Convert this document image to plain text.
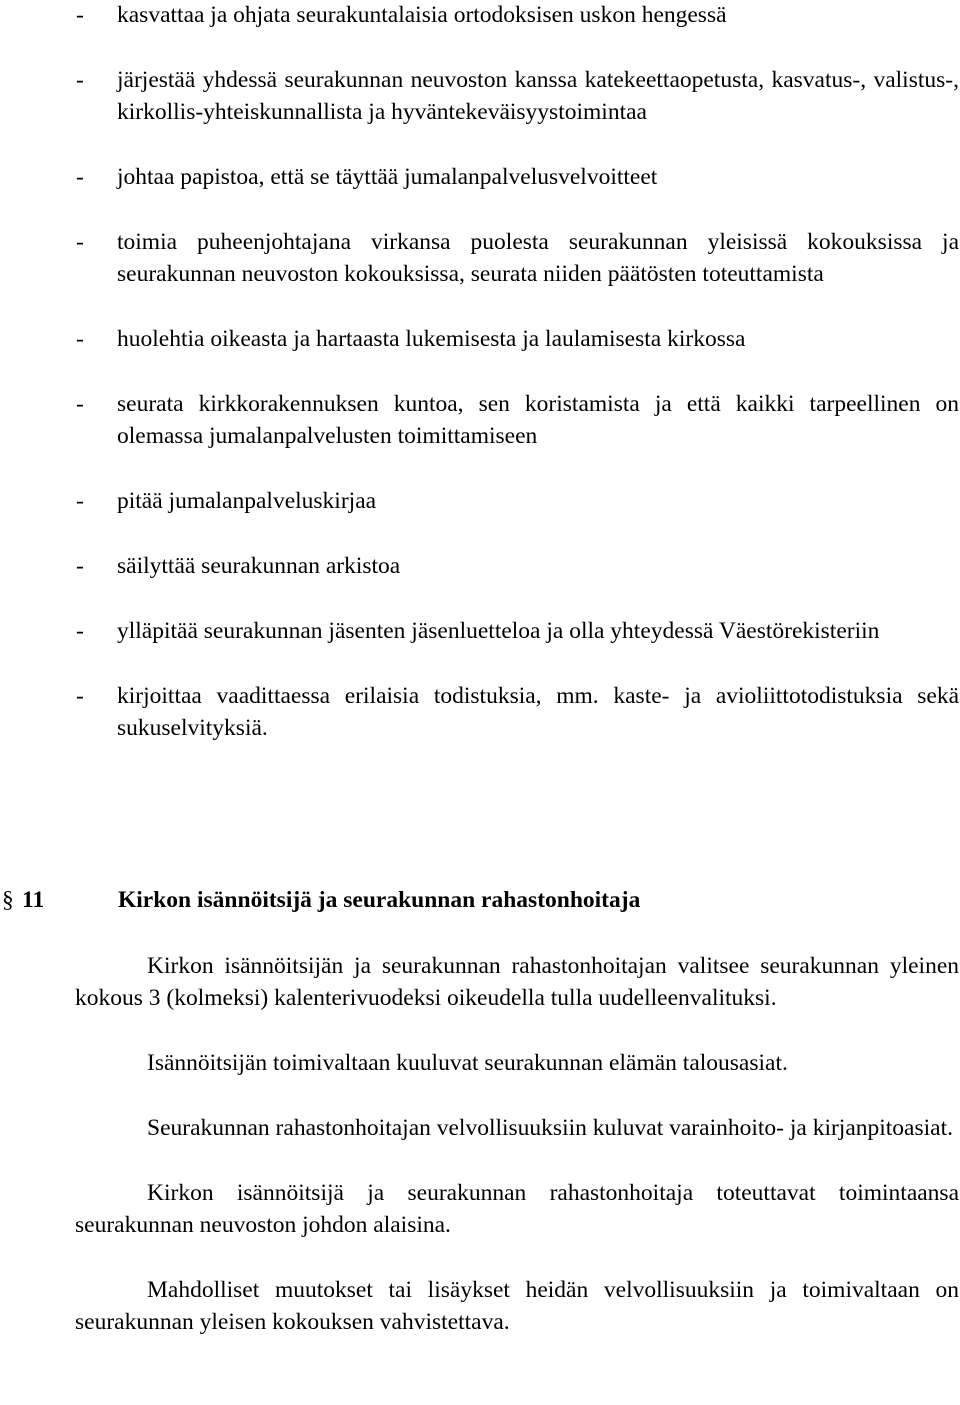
- kasvattaa ja ohjata seurakuntalaisia ortodoksisen uskon hengessä
- järjestää yhdessä seurakunnan neuvoston kanssa katekeettaopetusta, kasvatus-, valistus-, kirkollis-yhteiskunnallista ja hyväntekeväisyystoimintaa
- johtaa papistoa, että se täyttää jumalanpalvelusvelvoitteet
- toimia puheenjohtajana virkansa puolesta seurakunnan yleisissä kokouksissa ja seurakunnan neuvoston kokouksissa, seurata niiden päätösten toteuttamista
- huolehtia oikeasta ja hartaasta lukemisesta ja laulamisesta kirkossa
- seurata kirkkorakennuksen kuntoa, sen koristamista ja että kaikki tarpeellinen on olemassa jumalanpalvelusten toimittamiseen
- pitää jumalanpalveluskirjaa
- säilyttää seurakunnan arkistoa
- ylläpitää seurakunnan jäsenten jäsenluetteloa ja olla yhteydessä Väestörekisteriin
- kirjoittaa vaadittaessa erilaisia todistuksia, mm. kaste- ja avioliittotodistuksia sekä sukuselvityksiä.
§ 11	Kirkon isännöitsijä ja seurakunnan rahastonhoitaja

Kirkon isännöitsijän ja seurakunnan rahastonhoitajan valitsee seurakunnan yleinen kokous 3 (kolmeksi) kalenterivuodeksi oikeudella tulla uudelleenvalituksi.

Isännöitsijän toimivaltaan kuuluvat seurakunnan elämän talousasiat.

Seurakunnan rahastonhoitajan velvollisuuksiin kuluvat varainhoito- ja kirjanpitoasiat.

Kirkon isännöitsijä ja seurakunnan rahastonhoitaja toteuttavat toimintaansa seurakunnan neuvoston johdon alaisina.

Mahdolliset muutokset tai lisäykset heidän velvollisuuksiin ja toimivaltaan on seurakunnan yleisen kokouksen vahvistettava.
